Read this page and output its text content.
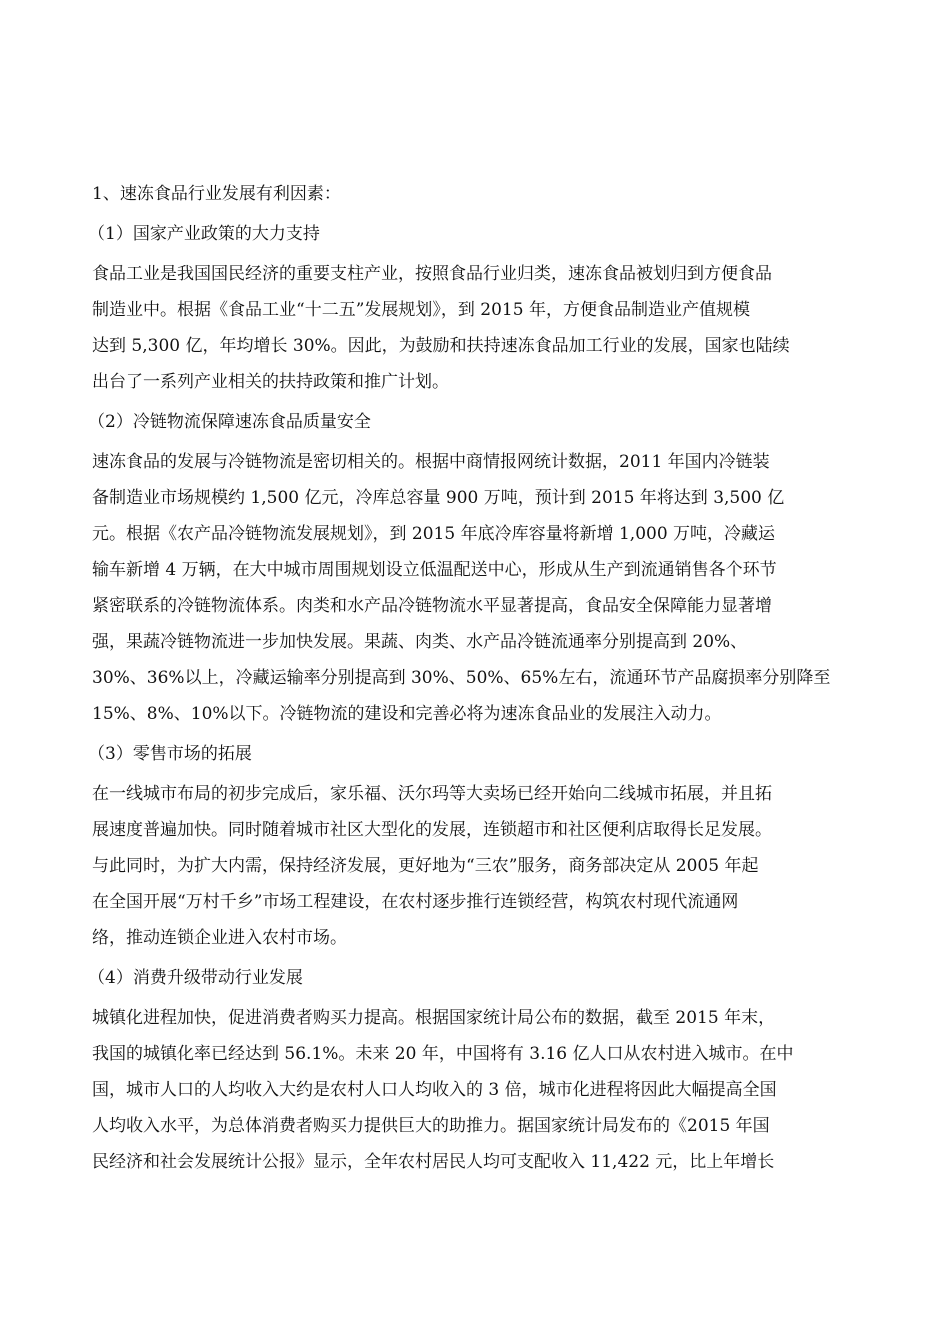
1、速冻食品行业发展有利因素：

（1）国家产业政策的大力支持

食品工业是我国国民经济的重要支柱产业，按照食品行业归类，速冻食品被划归到方便食品
制造业中。根据《食品工业“十二五”发展规划》，到 2015 年，方便食品制造业产值规模
达到 5,300 亿，年均增长 30%。因此，为鼓励和扶持速冻食品加工行业的发展，国家也陆续
出台了一系列产业相关的扶持政策和推广计划。

（2）冷链物流保障速冻食品质量安全

速冻食品的发展与冷链物流是密切相关的。根据中商情报网统计数据，2011 年国内冷链装
备制造业市场规模约 1,500 亿元，冷库总容量 900 万吨，预计到 2015 年将达到 3,500 亿
元。根据《农产品冷链物流发展规划》，到 2015 年底冷库容量将新增 1,000 万吨，冷藏运
输车新增 4 万辆，在大中城市周围规划设立低温配送中心，形成从生产到流通销售各个环节
紧密联系的冷链物流体系。肉类和水产品冷链物流水平显著提高，食品安全保障能力显著增
强，果蔬冷链物流进一步加快发展。果蔬、肉类、水产品冷链流通率分别提高到 20%、
30%、36%以上，冷藏运输率分别提高到 30%、50%、65%左右，流通环节产品腐损率分别降至
15%、8%、10%以下。冷链物流的建设和完善必将为速冻食品业的发展注入动力。

（3）零售市场的拓展

在一线城市布局的初步完成后，家乐福、沃尔玛等大卖场已经开始向二线城市拓展，并且拓
展速度普遍加快。同时随着城市社区大型化的发展，连锁超市和社区便利店取得长足发展。
与此同时，为扩大内需，保持经济发展，更好地为“三农”服务，商务部决定从 2005 年起
在全国开展“万村千乡”市场工程建设，在农村逐步推行连锁经营，构筑农村现代流通网
络，推动连锁企业进入农村市场。

（4）消费升级带动行业发展

城镇化进程加快，促进消费者购买力提高。根据国家统计局公布的数据，截至 2015 年末，
我国的城镇化率已经达到 56.1%。未来 20 年，中国将有 3.16 亿人口从农村进入城市。在中
国，城市人口的人均收入大约是农村人口人均收入的 3 倍，城市化进程将因此大幅提高全国
人均收入水平，为总体消费者购买力提供巨大的助推力。据国家统计局发布的《2015 年国
民经济和社会发展统计公报》显示，全年农村居民人均可支配收入 11,422 元，比上年增长
